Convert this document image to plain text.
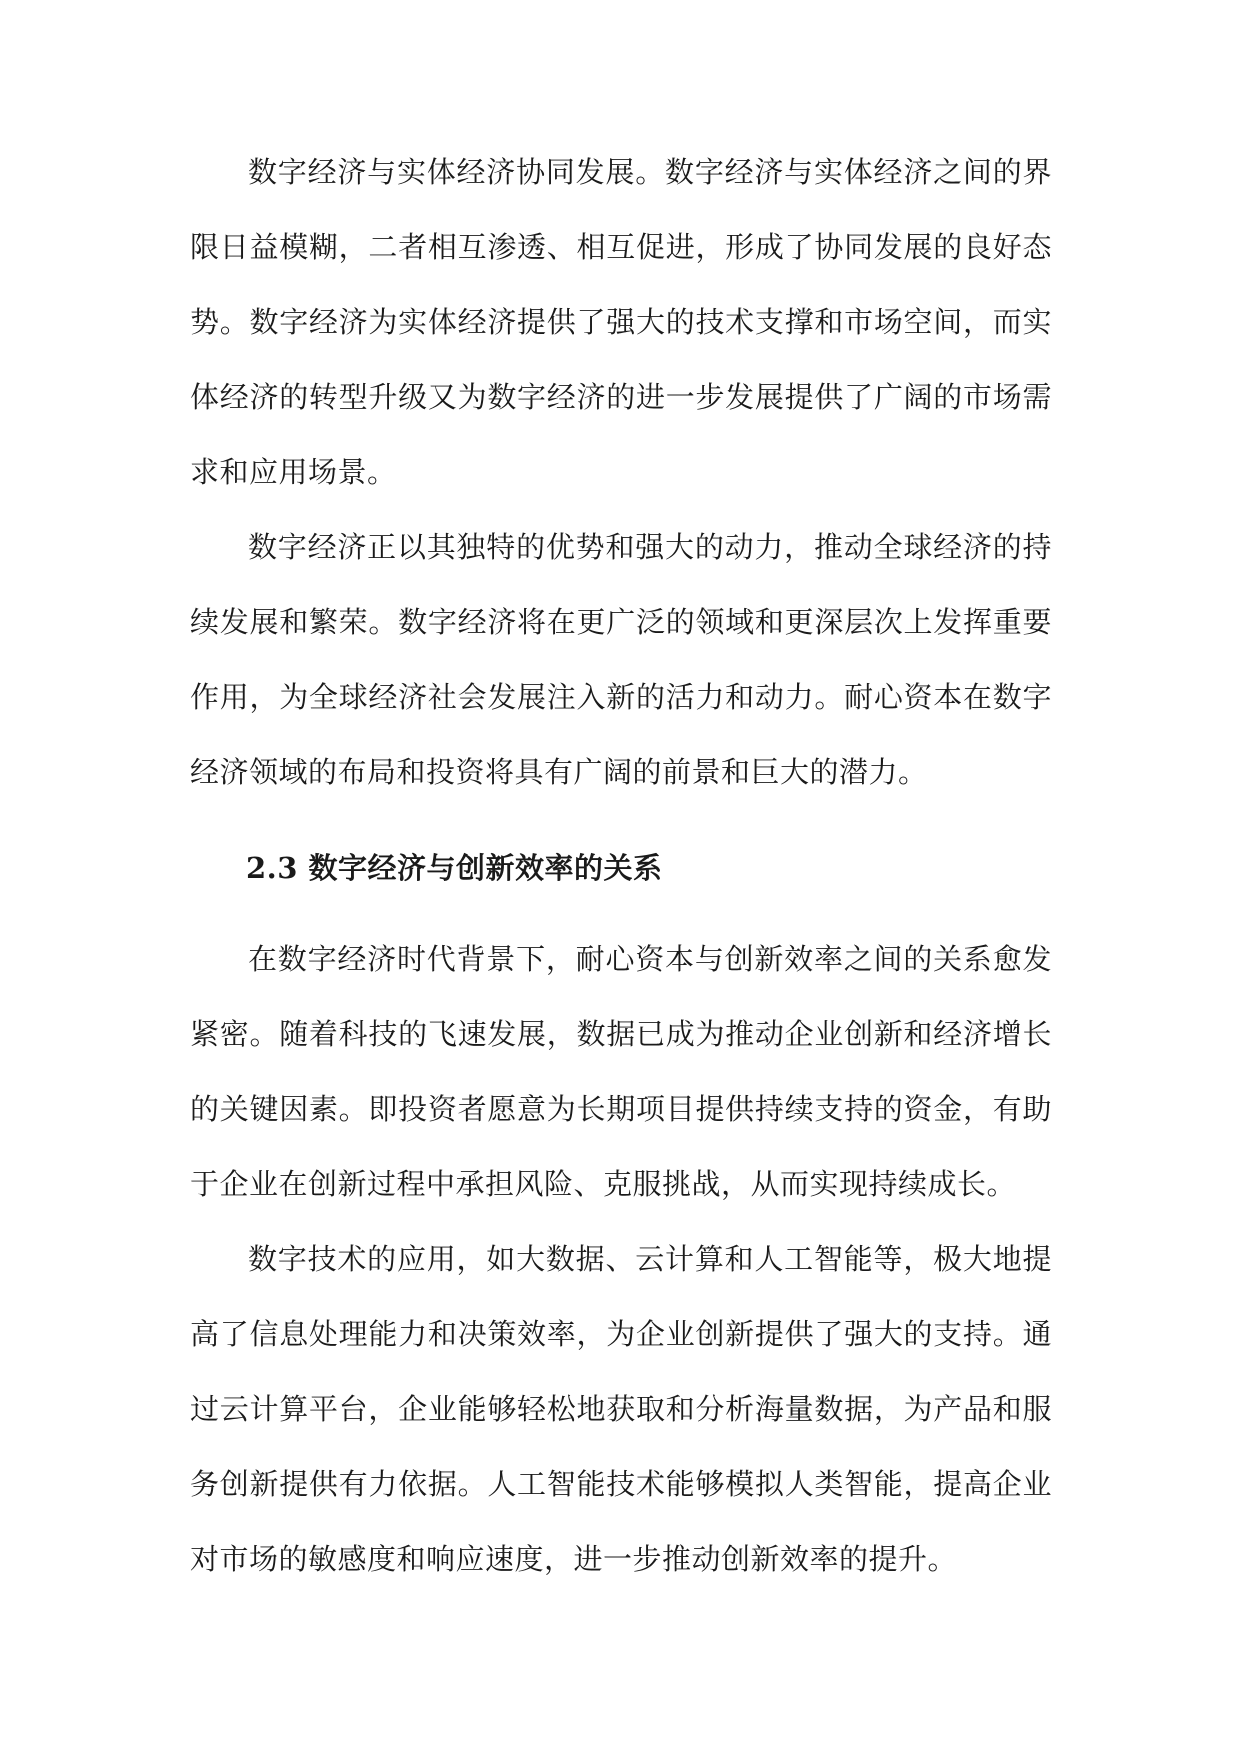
数字经济与实体经济协同发展。数字经济与实体经济之间的界限日益模糊，二者相互渗透、相互促进，形成了协同发展的良好态势。数字经济为实体经济提供了强大的技术支撑和市场空间，而实体经济的转型升级又为数字经济的进一步发展提供了广阔的市场需求和应用场景。

数字经济正以其独特的优势和强大的动力，推动全球经济的持续发展和繁荣。数字经济将在更广泛的领域和更深层次上发挥重要作用，为全球经济社会发展注入新的活力和动力。耐心资本在数字经济领域的布局和投资将具有广阔的前景和巨大的潜力。

2.3 数字经济与创新效率的关系

在数字经济时代背景下，耐心资本与创新效率之间的关系愈发紧密。随着科技的飞速发展，数据已成为推动企业创新和经济增长的关键因素。即投资者愿意为长期项目提供持续支持的资金，有助于企业在创新过程中承担风险、克服挑战，从而实现持续成长。

数字技术的应用，如大数据、云计算和人工智能等，极大地提高了信息处理能力和决策效率，为企业创新提供了强大的支持。通过云计算平台，企业能够轻松地获取和分析海量数据，为产品和服务创新提供有力依据。人工智能技术能够模拟人类智能，提高企业对市场的敏感度和响应速度，进一步推动创新效率的提升。
